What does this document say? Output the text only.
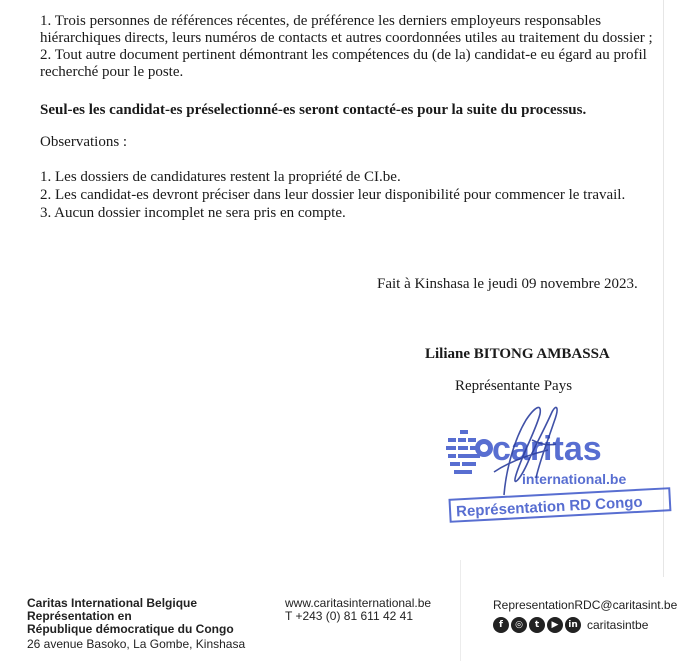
1. Trois personnes de références récentes, de préférence les derniers employeurs responsables
hiérarchiques directs, leurs numéros de contacts et autres coordonnées utiles au traitement du dossier ;
2. Tout autre document pertinent démontrant les compétences du (de la) candidat-e eu égard au profil
recherché pour le poste.
Seul-es les candidat-es préselectionné-es seront contacté-es pour la suite du processus.
Observations :
1. Les dossiers de candidatures restent la propriété de CI.be.
2. Les candidat-es devront préciser dans leur dossier leur disponibilité pour commencer le travail.
3. Aucun dossier incomplet ne sera pris en compte.
Fait à Kinshasa le jeudi 09 novembre 2023.
Liliane BITONG AMBASSA
Représentante Pays
caritas
international.be
Représentation RD Congo
Caritas International Belgique
Représentation en
République démocratique du Congo
26 avenue Basoko, La Gombe, Kinshasa
www.caritasinternational.be
T +243 (0) 81 611 42 41
RepresentationRDC@caritasint.be
f	◎	t	▶	in caritasintbe
